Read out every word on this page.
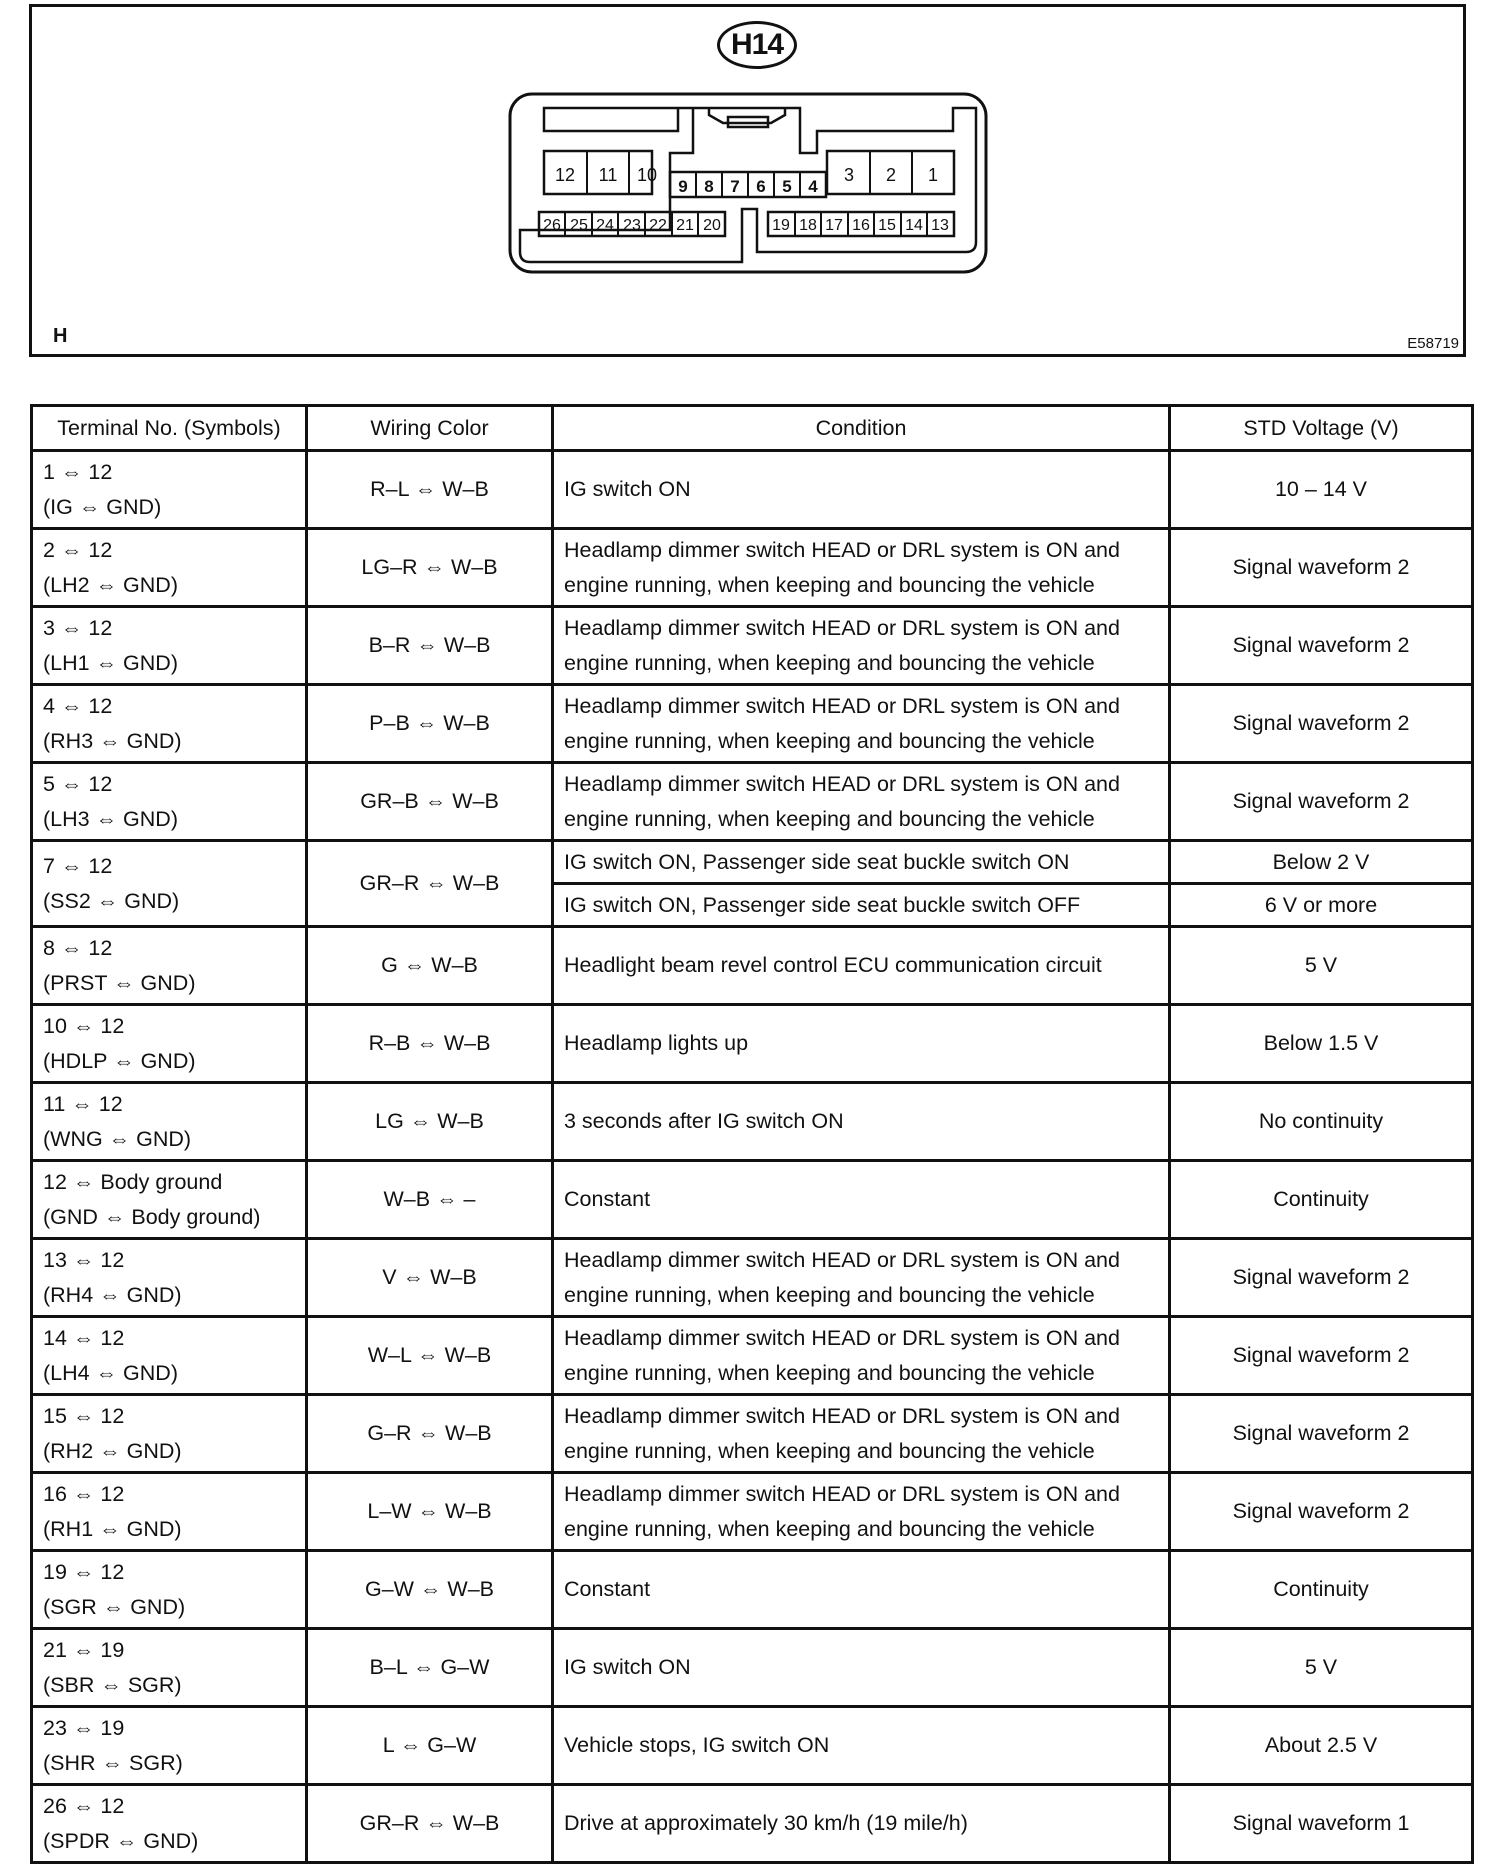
H14
H	E58719
12 11 10
9 8 7 6 5 4
3 2 1
26 25 24 23 22 21 20	19 18 17 16 15 14 13
Terminal No. (Symbols)	Wiring Color	Condition	STD Voltage (V)

1 ⇔ 12
(IG ⇔ GND)	R–L ⇔ W–B	IG switch ON	10 – 14 V

2 ⇔ 12
(LH2 ⇔ GND)	LG–R ⇔ W–B	Headlamp dimmer switch HEAD or DRL system is ON and
engine running, when keeping and bouncing the vehicle	Signal waveform 2

3 ⇔ 12
(LH1 ⇔ GND)	B–R ⇔ W–B	Headlamp dimmer switch HEAD or DRL system is ON and
engine running, when keeping and bouncing the vehicle	Signal waveform 2

4 ⇔ 12
(RH3 ⇔ GND)	P–B ⇔ W–B	Headlamp dimmer switch HEAD or DRL system is ON and
engine running, when keeping and bouncing the vehicle	Signal waveform 2

5 ⇔ 12
(LH3 ⇔ GND)	GR–B ⇔ W–B	Headlamp dimmer switch HEAD or DRL system is ON and
engine running, when keeping and bouncing the vehicle	Signal waveform 2

7 ⇔ 12
(SS2 ⇔ GND)	GR–R ⇔ W–B	IG switch ON, Passenger side seat buckle switch ON	Below 2 V
		IG switch ON, Passenger side seat buckle switch OFF	6 V or more

8 ⇔ 12
(PRST ⇔ GND)	G ⇔ W–B	Headlight beam revel control ECU communication circuit	5 V

10 ⇔ 12
(HDLP ⇔ GND)	R–B ⇔ W–B	Headlamp lights up	Below 1.5 V

11 ⇔ 12
(WNG ⇔ GND)	LG ⇔ W–B	3 seconds after IG switch ON	No continuity

12 ⇔ Body ground
(GND ⇔ Body ground)	W–B ⇔ –	Constant	Continuity

13 ⇔ 12
(RH4 ⇔ GND)	V ⇔ W–B	Headlamp dimmer switch HEAD or DRL system is ON and
engine running, when keeping and bouncing the vehicle	Signal waveform 2

14 ⇔ 12
(LH4 ⇔ GND)	W–L ⇔ W–B	Headlamp dimmer switch HEAD or DRL system is ON and
engine running, when keeping and bouncing the vehicle	Signal waveform 2

15 ⇔ 12
(RH2 ⇔ GND)	G–R ⇔ W–B	Headlamp dimmer switch HEAD or DRL system is ON and
engine running, when keeping and bouncing the vehicle	Signal waveform 2

16 ⇔ 12
(RH1 ⇔ GND)	L–W ⇔ W–B	Headlamp dimmer switch HEAD or DRL system is ON and
engine running, when keeping and bouncing the vehicle	Signal waveform 2

19 ⇔ 12
(SGR ⇔ GND)	G–W ⇔ W–B	Constant	Continuity

21 ⇔ 19
(SBR ⇔ SGR)	B–L ⇔ G–W	IG switch ON	5 V

23 ⇔ 19
(SHR ⇔ SGR)	L ⇔ G–W	Vehicle stops, IG switch ON	About 2.5 V

26 ⇔ 12
(SPDR ⇔ GND)	GR–R ⇔ W–B	Drive at approximately 30 km/h (19 mile/h)	Signal waveform 1
